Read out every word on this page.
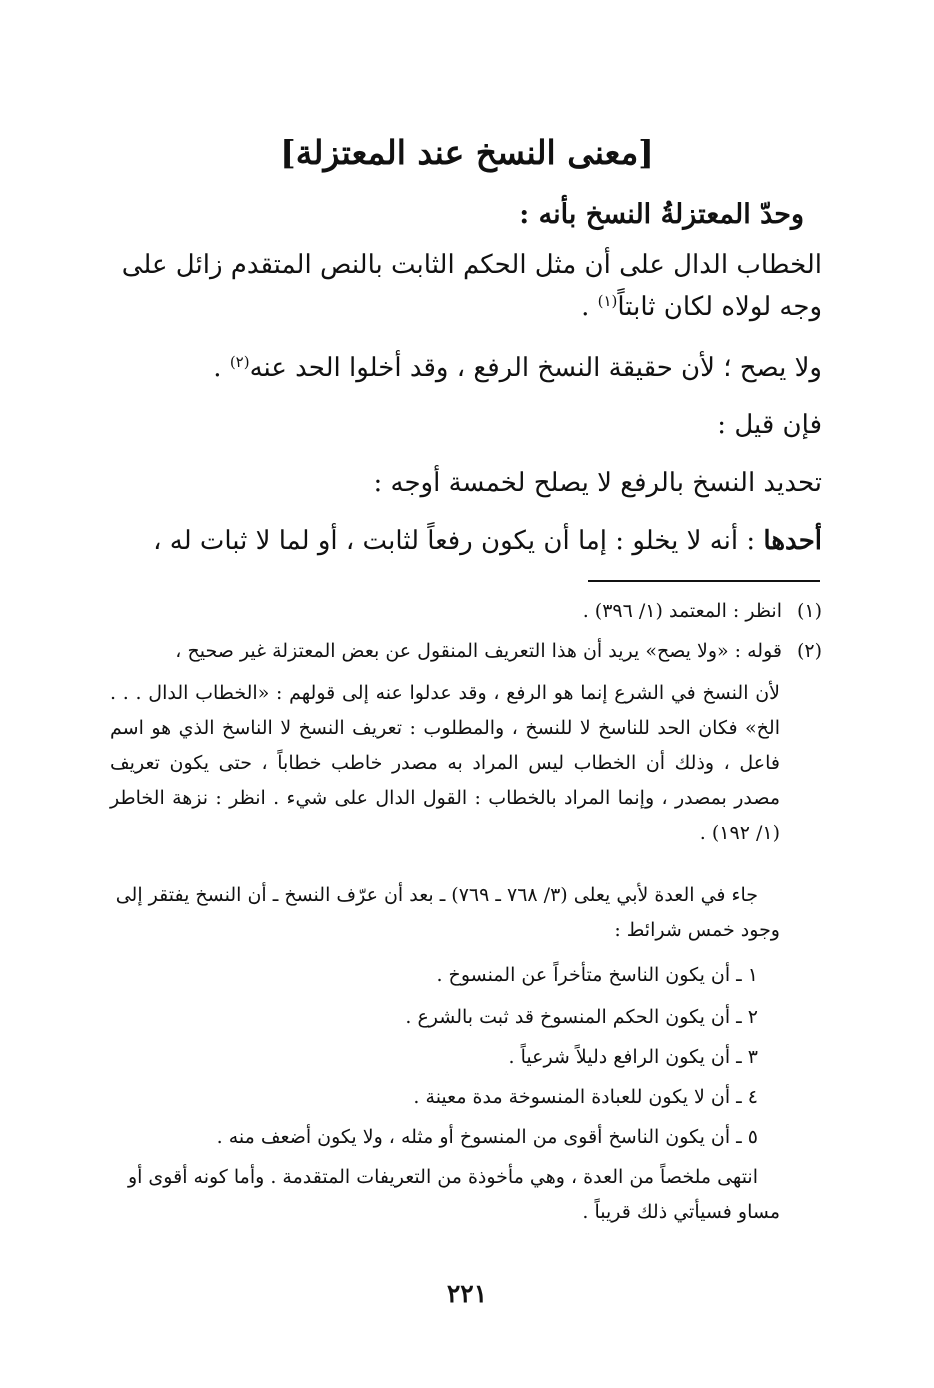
[معنى النسخ عند المعتزلة]
وحدّ المعتزلةُ النسخ بأنه :
الخطاب الدال على أن مثل الحكم الثابت بالنص المتقدم زائل على وجه لولاه لكان ثابتاً$^{(١)}$ .
ولا يصح ؛ لأن حقيقة النسخ الرفع ، وقد أخلوا الحد عنه$^{(٢)}$ .
فإن قيل :
تحديد النسخ بالرفع لا يصلح لخمسة أوجه :
أحدها : أنه لا يخلو : إما أن يكون رفعاً لثابت ، أو لما لا ثبات له ،
(١)انظر : المعتمد (١/ ٣٩٦) .
(٢)قوله : «ولا يصح» يريد أن هذا التعريف المنقول عن بعض المعتزلة غير صحيح ،
لأن النسخ في الشرع إنما هو الرفع ، وقد عدلوا عنه إلى قولهم : «الخطاب الدال . . . الخ» فكان الحد للناسخ لا للنسخ ، والمطلوب : تعريف النسخ لا الناسخ الذي هو اسم فاعل ، وذلك أن الخطاب ليس المراد به مصدر خاطب خطاباً ، حتى يكون تعريف مصدر بمصدر ، وإنما المراد بالخطاب : القول الدال على شيء . انظر : نزهة الخاطر (١/ ١٩٢) .
جاء في العدة لأبي يعلى (٣/ ٧٦٨ ـ ٧٦٩) ـ بعد أن عرّف النسخ ـ أن النسخ يفتقر إلى وجود خمس شرائط :
١ ـ أن يكون الناسخ متأخراً عن المنسوخ .
٢ ـ أن يكون الحكم المنسوخ قد ثبت بالشرع .
٣ ـ أن يكون الرافع دليلاً شرعياً .
٤ ـ أن لا يكون للعبادة المنسوخة مدة معينة .
٥ ـ أن يكون الناسخ أقوى من المنسوخ أو مثله ، ولا يكون أضعف منه .
انتهى ملخصاً من العدة ، وهي مأخوذة من التعريفات المتقدمة . وأما كونه أقوى أو مساو فسيأتي ذلك قريباً .
٢٢١
